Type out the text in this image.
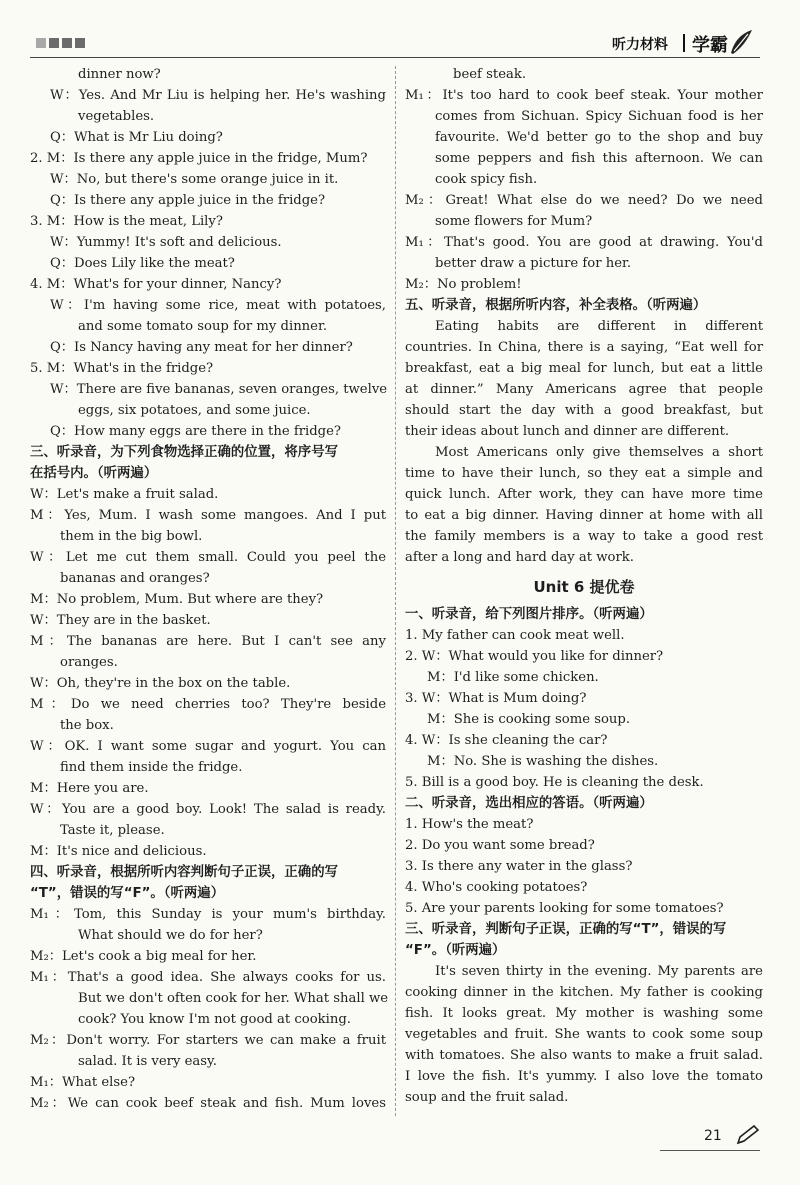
听力材料 学霸
dinner now?
W：Yes. And Mr Liu is helping her. He's washing
vegetables.
Q：What is Mr Liu doing?
2. M：Is there any apple juice in the fridge, Mum?
W：No, but there's some orange juice in it.
Q：Is there any apple juice in the fridge?
3. M：How is the meat, Lily?
W：Yummy! It's soft and delicious.
Q：Does Lily like the meat?
4. M：What's for your dinner, Nancy?
W：I'm having some rice, meat with potatoes,
and some tomato soup for my dinner.
Q：Is Nancy having any meat for her dinner?
5. M：What's in the fridge?
W：There are five bananas, seven oranges, twelve
eggs, six potatoes, and some juice.
Q：How many eggs are there in the fridge?
三、听录音，为下列食物选择正确的位置，将序号写
在括号内。（听两遍）
W：Let's make a fruit salad.
M：Yes, Mum. I wash some mangoes. And I put
them in the big bowl.
W：Let me cut them small. Could you peel the
bananas and oranges?
M：No problem, Mum. But where are they?
W：They are in the basket.
M：The bananas are here. But I can't see any
oranges.
W：Oh, they're in the box on the table.
M：Do we need cherries too? They're beside
the box.
W：OK. I want some sugar and yogurt. You can
find them inside the fridge.
M：Here you are.
W：You are a good boy. Look! The salad is ready.
Taste it, please.
M：It's nice and delicious.
四、听录音，根据所听内容判断句子正误，正确的写
“T”，错误的写“F”。（听两遍）
M₁：Tom, this Sunday is your mum's birthday.
What should we do for her?
M₂：Let's cook a big meal for her.
M₁：That's a good idea. She always cooks for us.
But we don't often cook for her. What shall we
cook? You know I'm not good at cooking.
M₂：Don't worry. For starters we can make a fruit
salad. It is very easy.
M₁：What else?
M₂：We can cook beef steak and fish. Mum loves
beef steak.
M₁：It's too hard to cook beef steak. Your mother
comes from Sichuan. Spicy Sichuan food is her
favourite. We'd better go to the shop and buy
some peppers and fish this afternoon. We can
cook spicy fish.
M₂：Great! What else do we need? Do we need
some flowers for Mum?
M₁：That's good. You are good at drawing. You'd
better draw a picture for her.
M₂：No problem!
五、听录音，根据所听内容，补全表格。（听两遍）
Eating habits are different in different
countries. In China, there is a saying, “Eat well for
breakfast, eat a big meal for lunch, but eat a little
at dinner.” Many Americans agree that people
should start the day with a good breakfast, but
their ideas about lunch and dinner are different.
Most Americans only give themselves a short
time to have their lunch, so they eat a simple and
quick lunch. After work, they can have more time
to eat a big dinner. Having dinner at home with all
the family members is a way to take a good rest
after a long and hard day at work.
Unit 6 提优卷
一、听录音，给下列图片排序。（听两遍）
1. My father can cook meat well.
2. W：What would you like for dinner?
M：I'd like some chicken.
3. W：What is Mum doing?
M：She is cooking some soup.
4. W：Is she cleaning the car?
M：No. She is washing the dishes.
5. Bill is a good boy. He is cleaning the desk.
二、听录音，选出相应的答语。（听两遍）
1. How's the meat?
2. Do you want some bread?
3. Is there any water in the glass?
4. Who's cooking potatoes?
5. Are your parents looking for some tomatoes?
三、听录音，判断句子正误，正确的写“T”，错误的写
“F”。（听两遍）
It's seven thirty in the evening. My parents are
cooking dinner in the kitchen. My father is cooking
fish. It looks great. My mother is washing some
vegetables and fruit. She wants to cook some soup
with tomatoes. She also wants to make a fruit salad.
I love the fish. It's yummy. I also love the tomato
soup and the fruit salad.
21
